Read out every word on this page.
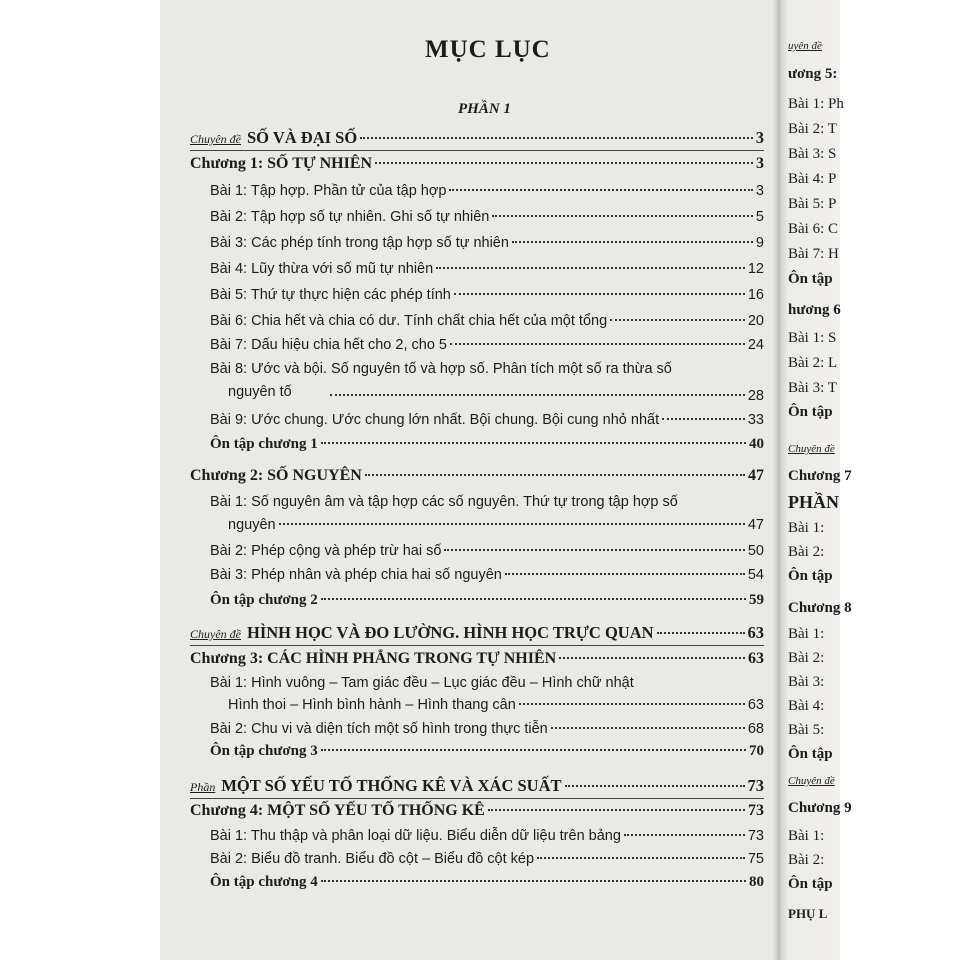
MỤC LỤC
PHẦN 1
Chuyên đề SỐ VÀ ĐẠI SỐ	3
Chương 1: SỐ TỰ NHIÊN	3
Bài 1: Tập hợp. Phần tử của tập hợp	3
Bài 2: Tập hợp số tự nhiên. Ghi số tự nhiên	5
Bài 3: Các phép tính trong tập hợp số tự nhiên	9
Bài 4: Lũy thừa với số mũ tự nhiên	12
Bài 5: Thứ tự thực hiện các phép tính	16
Bài 6: Chia hết và chia có dư. Tính chất chia hết của một tổng	20
Bài 7: Dấu hiệu chia hết cho 2, cho 5	24
Bài 8: Ước và bội. Số nguyên tố và hợp số. Phân tích một số ra thừa số
nguyên tố	28
Bài 9: Ước chung. Ước chung lớn nhất. Bội chung. Bội cung nhỏ nhất	33
Ôn tập chương 1	40
Chương 2: SỐ NGUYÊN	47
Bài 1: Số nguyên âm và tập hợp các số nguyên. Thứ tự trong tập hợp số
nguyên	47
Bài 2: Phép cộng và phép trừ hai số	50
Bài 3: Phép nhân và phép chia hai số nguyên	54
Ôn tập chương 2	59
Chuyên đề HÌNH HỌC VÀ ĐO LƯỜNG. HÌNH HỌC TRỰC QUAN	63
Chương 3: CÁC HÌNH PHẲNG TRONG TỰ NHIÊN	63
Bài 1: Hình vuông – Tam giác đều – Lục giác đều – Hình chữ nhật
Hình thoi – Hình bình hành – Hình thang cân	63
Bài 2: Chu vi và diện tích một số hình trong thực tiễn	68
Ôn tập chương 3	70
Phần MỘT SỐ YẾU TỐ THỐNG KÊ VÀ XÁC SUẤT	73
Chương 4: MỘT SỐ YẾU TỐ THỐNG KÊ	73
Bài 1: Thu thập và phân loại dữ liệu. Biểu diễn dữ liệu trên bảng	73
Bài 2: Biểu đồ tranh. Biểu đồ cột – Biểu đồ cột kép	75
Ôn tập chương 4	80
uyên đề
ương 5:
Bài 1: Ph
Bài 2: T
Bài 3: S
Bài 4: P
Bài 5: P
Bài 6: C
Bài 7: H
Ôn tập
hương 6
Bài 1: S
Bài 2: L
Bài 3: T
Ôn tập
Chuyên đề
Chương 7
PHẦN
Bài 1:
Bài 2:
Ôn tập
Chương 8
Bài 1:
Bài 2:
Bài 3:
Bài 4:
Bài 5:
Ôn tập
Chuyên đề
Chương 9
Bài 1:
Bài 2:
Ôn tập
PHỤ L
